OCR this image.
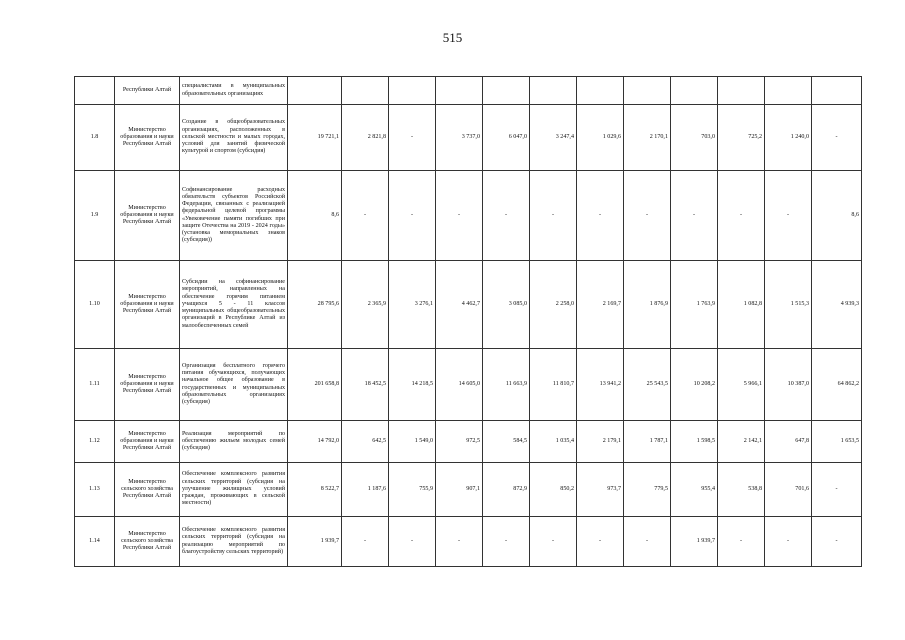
515
	Республики Алтай	специалистами в муниципальных образовательных организациях												
1.8	Министерство образования и науки Республики Алтай	Создание в общеобразовательных организациях, расположенных в сельской местности и малых городах, условий для занятий физической культурой и спортом (субсидия)	19 721,1	2 821,8	-	3 737,0	6 047,0	3 247,4	1 029,6	2 170,1	703,0	725,2	1 240,0	-
1.9	Министерство образования и науки Республики Алтай	Софинансирование расходных обязательств субъектов Российской Федерации, связанных с реализацией федеральной целевой программы «Увековечение памяти погибших при защите Отечества на 2019 - 2024 годы» (установка мемориальных знаков (субсидия))	8,6	-	-	-	-	-	-	-	-	-	-	8,6
1.10	Министерство образования и науки Республики Алтай	Субсидии на софинансирование мероприятий, направленных на обеспечение горячим питанием учащихся 5 - 11 классов муниципальных общеобразовательных организаций в Республике Алтай из малообеспеченных семей	28 795,6	2 365,9	3 276,1	4 462,7	3 085,0	2 258,0	2 169,7	1 876,9	1 763,9	1 082,8	1 515,3	4 939,3
1.11	Министерство образования и науки Республики Алтай	Организация бесплатного горячего питания обучающихся, получающих начальное общее образование в государственных и муниципальных образовательных организациях (субсидия)	201 658,8	18 452,5	14 218,5	14 605,0	11 663,9	11 810,7	13 941,2	25 543,5	10 208,2	5 966,1	10 387,0	64 862,2
1.12	Министерство образования и науки Республики Алтай	Реализация мероприятий по обеспечению жильем молодых семей (субсидия)	14 792,0	642,5	1 549,0	972,5	584,5	1 035,4	2 179,1	1 787,1	1 598,5	2 142,1	647,8	1 653,5
1.13	Министерство сельского хозяйства Республики Алтай	Обеспечение комплексного развития сельских территорий (субсидия на улучшение жилищных условий граждан, проживающих в сельской местности)	8 522,7	1 187,6	755,9	907,1	872,9	850,2	973,7	779,5	955,4	538,8	701,6	-
1.14	Министерство сельского хозяйства Республики Алтай	Обеспечение комплексного развития сельских территорий (субсидия на реализацию мероприятий по благоустройству сельских территорий)	1 939,7	-	-	-	-	-	-	-	1 939,7	-	-	-
